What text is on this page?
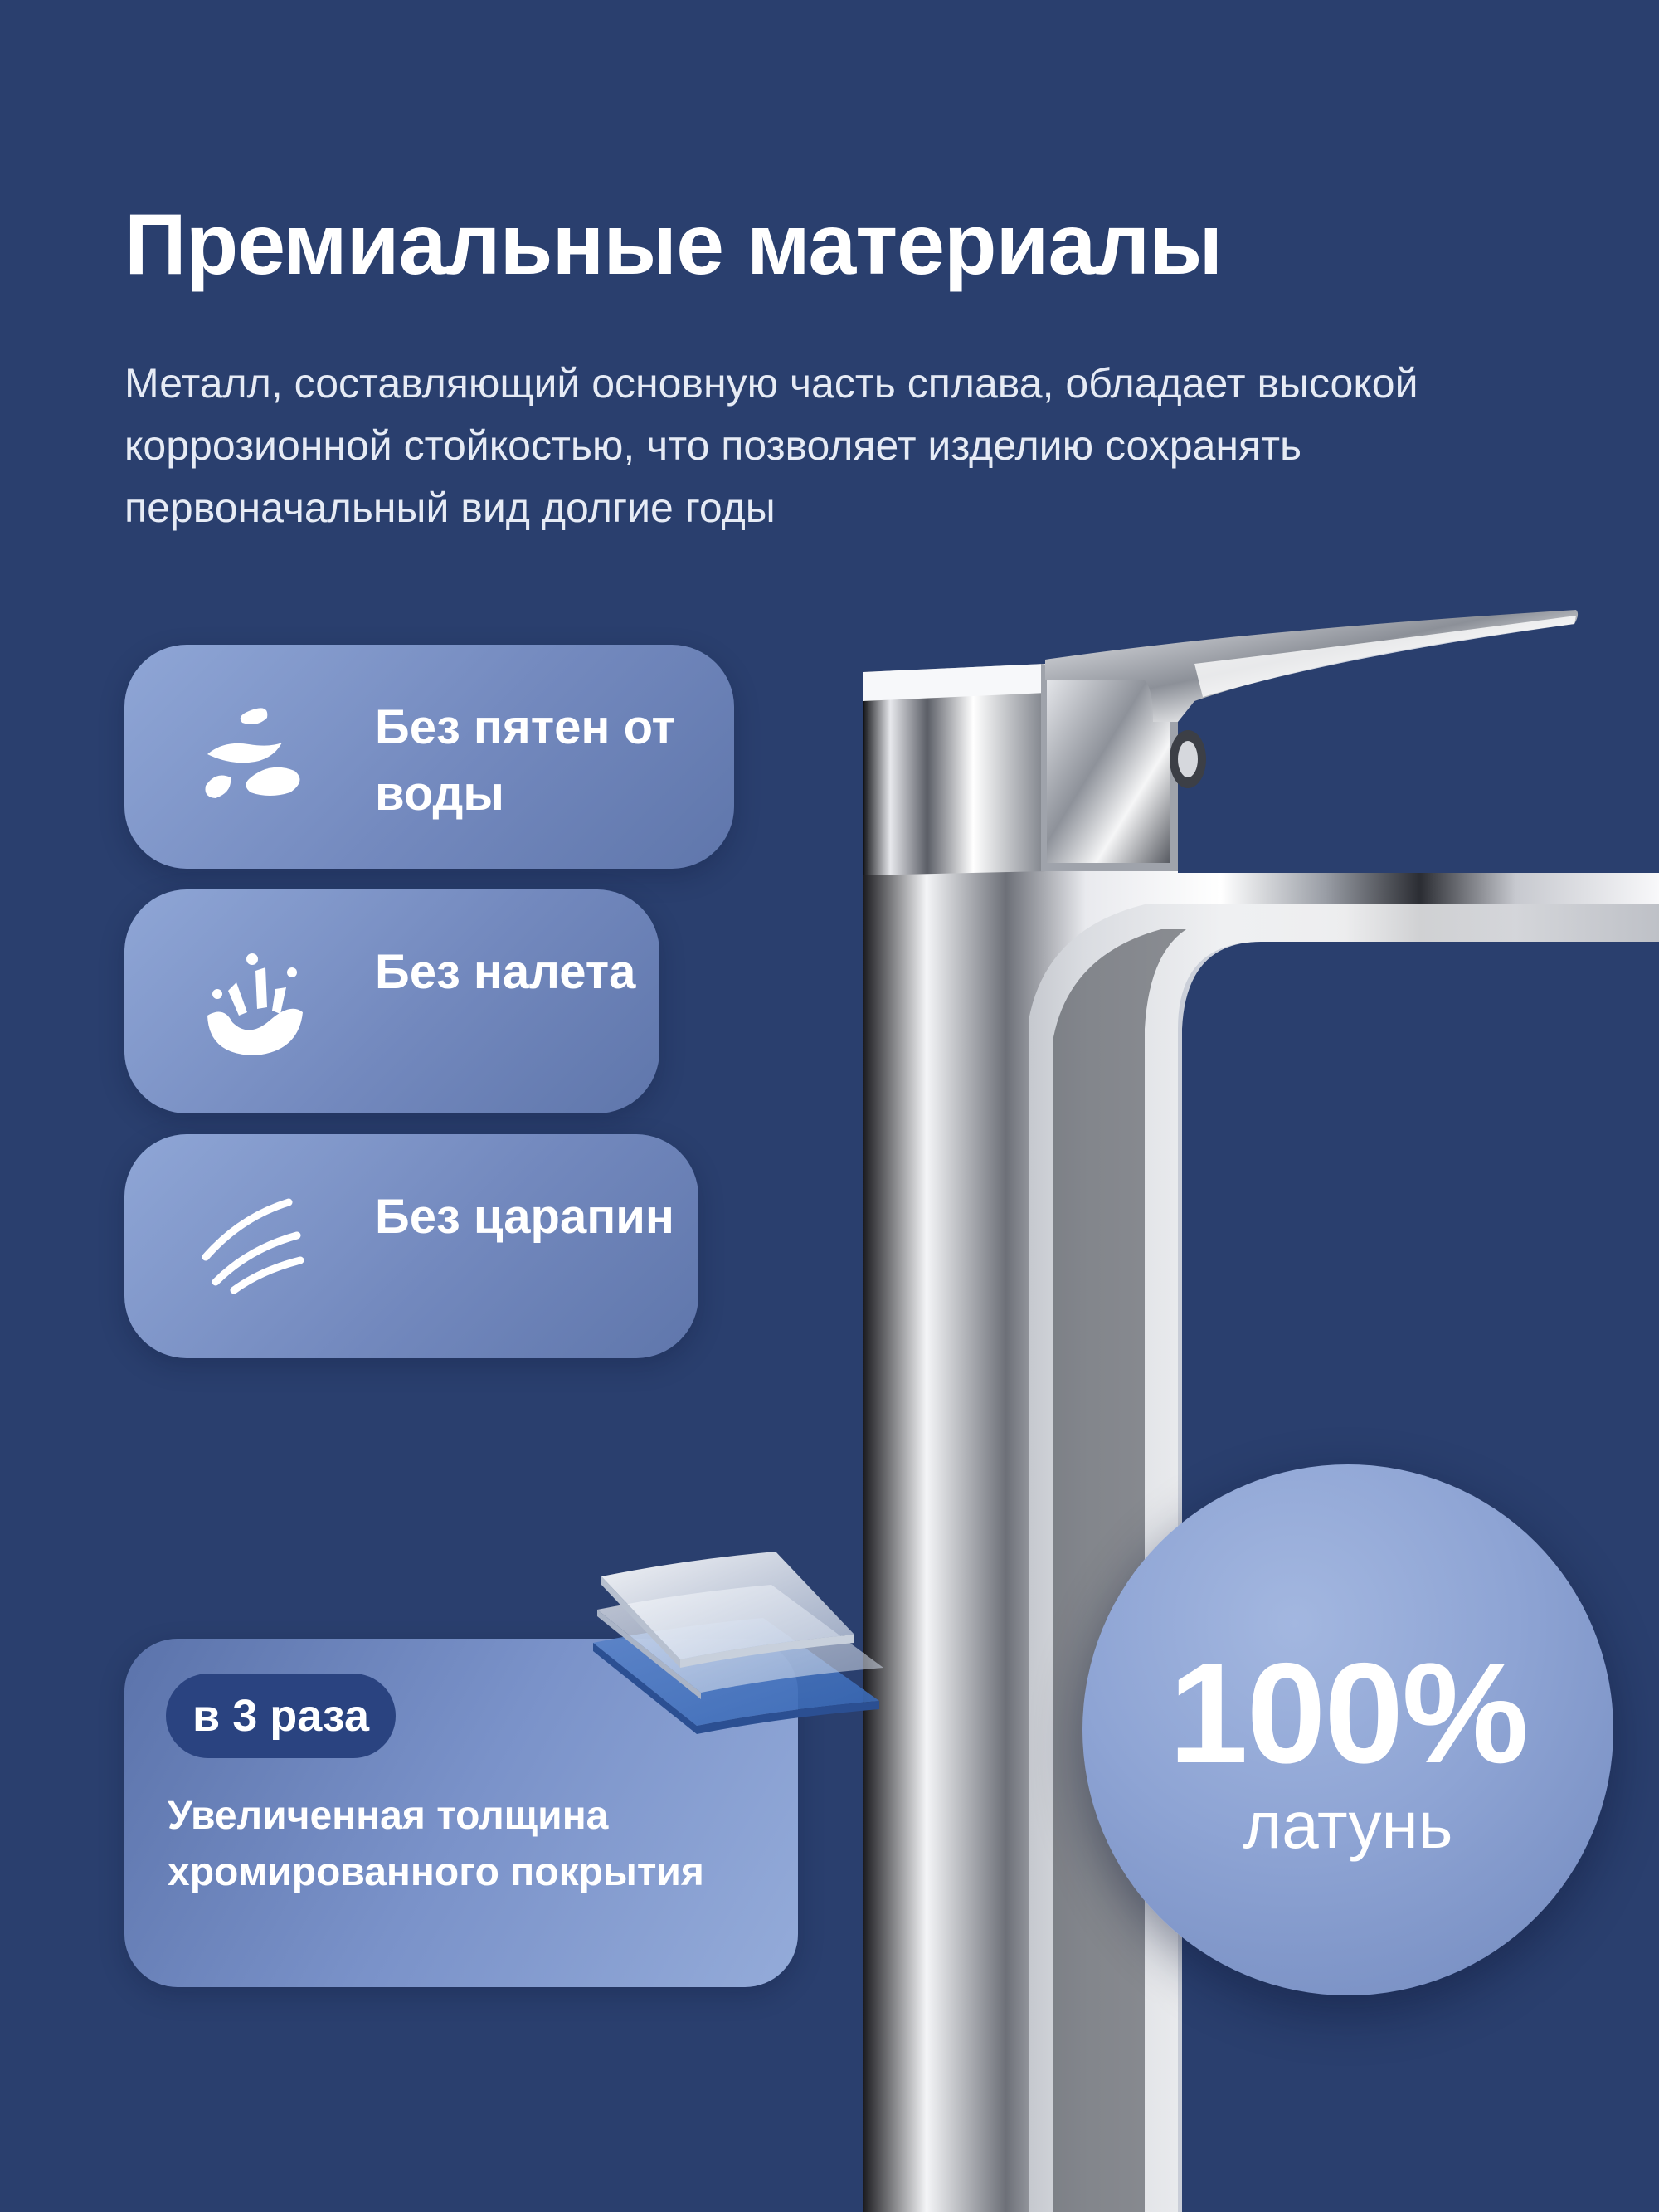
Премиальные материалы

Металл, составляющий основную часть сплава, обладает высокой коррозионной стойкостью, что позволяет изделию сохранять первоначальный вид долгие годы

Без пятен от воды
Без налета
Без царапин
в 3 раза
Увеличенная толщина хромированного покрытия
100%
латунь
